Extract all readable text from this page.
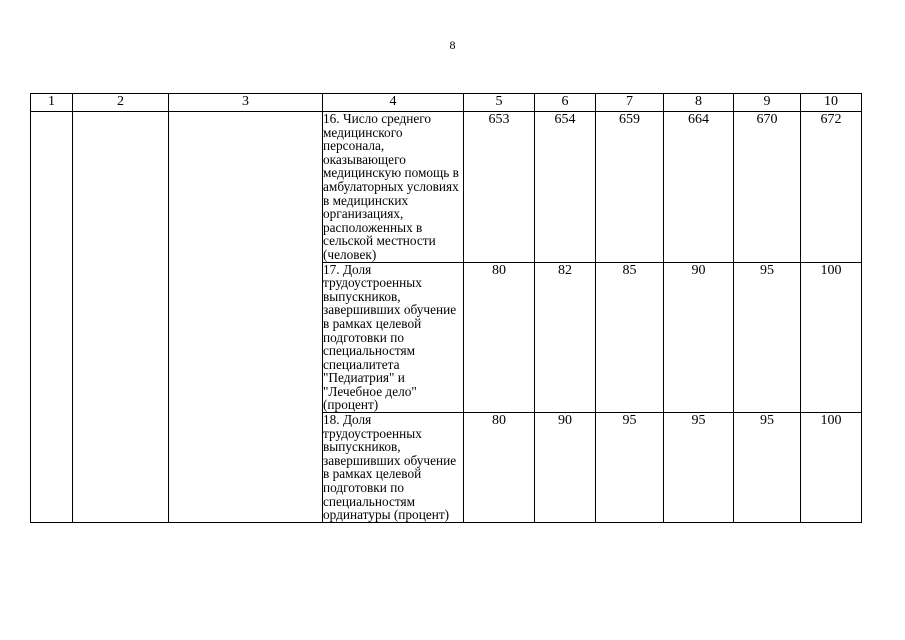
8
1	2	3	4	5	6	7	8	9	10
			16. Число среднего медицинского персонала, оказывающего медицинскую помощь в амбулаторных условиях в медицинских организациях, расположенных в сельской местности (человек)	653	654	659	664	670	672
			17. Доля трудоустроенных выпускников, завершивших обучение в рамках целевой подготовки по специальностям специалитета "Педиатрия" и "Лечебное дело" (процент)	80	82	85	90	95	100
			18. Доля трудоустроенных выпускников, завершивших обучение в рамках целевой подготовки по специальностям ординатуры (процент)	80	90	95	95	95	100
